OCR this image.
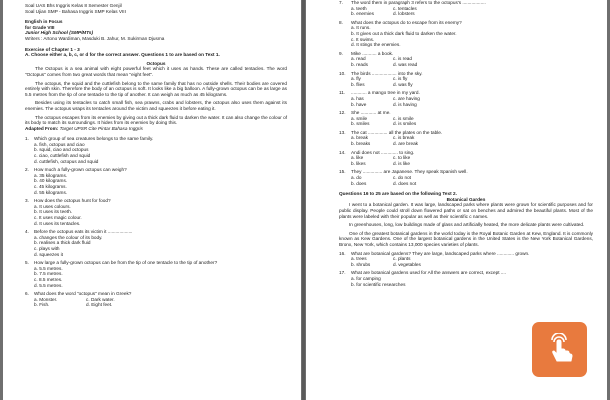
Soal UAS Bhs Inggris Kelas 8 Semester Genjil
Soal Ujian SMP - Bahasa Inggris SMP Kelas VIII
English in Focus
for Grade VIII
Junior High School (SMP/MTs)
Writers : Artono Wardiman, Masduki B. Jahur, M. Sukirman Djusma
Exercise of Chapter 1 - 3
A. Choose either a, b, c, or d for the correct answer. Questions 1 to are based on Text 1.
Octopus
The Octopus is a sea animal with eight powerful feet which it uses as hands. These are called tentacles. The word "Octopus" comes from two great words that mean "eight feet".
The octopus, the squid and the cuttlefish belong to the same family that has no outside shells. Their bodies are covered entirely with skin. Therefore the body of an octopus is soft. It looks like a big balloon. A fully-grown octopus can be as large as 5.5 metres from the tip of one tentacle to the tip of another. It can weigh as much as 45 kilograms.
Besides using its tentacles to catch small fish, sea prawns, crabs and lobsters, the octopus also uses them against its enemies. The octopus wraps its tentacles around the victim and squeezes it before eating it.
The octopus escapes from its enemies by giving out a thick dark fluid to darken the water. It can also change the colour of its body to match its surroundings. It hides from its enemies by doing this.
Adapted From: Target UPSR Cite Pintar Bahasa Inggris
1.	Which group of sea creatures belongs to the same family.
a. fish, octopus and ciao
b. squid, ciao and octopus
c. ciao, cuttlefish and squid
d. cuttlefish, octopus and squid
2.	How much a fully-grown octopus can weigh?
a. 35 kilograms.
b. 40 kilograms.
c. 45 kilograms.
d. 55 kilograms.
3.	How does the octopus hunt for food?
a. It uses colours.
b. It uses its teeth.
c. It uses magic colour.
d. It uses its tentacles.
4.	Before the octopus eats its victim it ...................
a. changes the colour of its body.
b. realises a thick dark fluid
c. plays with
d. squeezes it
5.	How large a fully-grown octopus can be from the tip of one tentacle to the tip of another?
a. 5.5 metres.
b. 7.5 metres.
c. 8.5 metres.
d. 5.5 metres.
6.	What does the word "octopus" mean in Greek?
a. Monster.	c. Dark water.
b. Fish.	d. Eight feet.
7.	The word them in paragraph 3 refers to the octopus's ..................
a. teeth	c. tentacles
b. enemies	d. lobsters
8.	What does the octopus do to escape from its enemy?
a. It runs.
b. It gives out a thick dark fluid to darken the water.
c. It swims.
d. It stings the enemies.
9.	Mike ........... a book.
a. read	c. is read
b. reads	d. was read
10.	The birds ................... into the sky.
a. fly	c. is fly
b. flies	d. was fly
11.	............ a mango tree in my yard.
a. has	c. are having
b. have	d. is having
12.	She ............ at me.
a. smile	c. is smile
b. smiles	d. is smiles
13.	The cat ............... all the plates on the table.
a. break	c. is break
b. breaks	d. are break
14.	Andi does not ............. to sing.
a. like	c. to like
b. likes	d. is like
15.	They ............... are Japanese. They speak Spanish well.
a. do	c. do not
b. does	d. does not
Questions 16 to 25 are based on the following Text 2.
Botanical Garden
I went to a botanical garden. It was large, landscaped parks where plants were grown for scientific purposes and for public display. People could stroll down flowered paths or sat on benches and admired the beautiful plants. Most of the plants were labeled with their popular as well as their scientific c names.
In greenhouses, long, low buildings made of glass and artificially heated, the more delicate plants were cultivated.
One of the greatest botanical gardens in the world today is the Royal Botanic Garden at Kew, England. It is commonly known as Kew Gardens. One of the largest botanical gardens in the United States is the New York Botanical Gardens, Bronx, New York, which contains 13,000 species varieties of plants.
16.	What are botanical gardens? They are large, landscaped parks where ............. grown.
a. trees	c. plants
b. shrubs	d. vegetables
17.	What are botanical gardens used for All the answers are correct, except ....
a. for camping
b. for scientific researches
